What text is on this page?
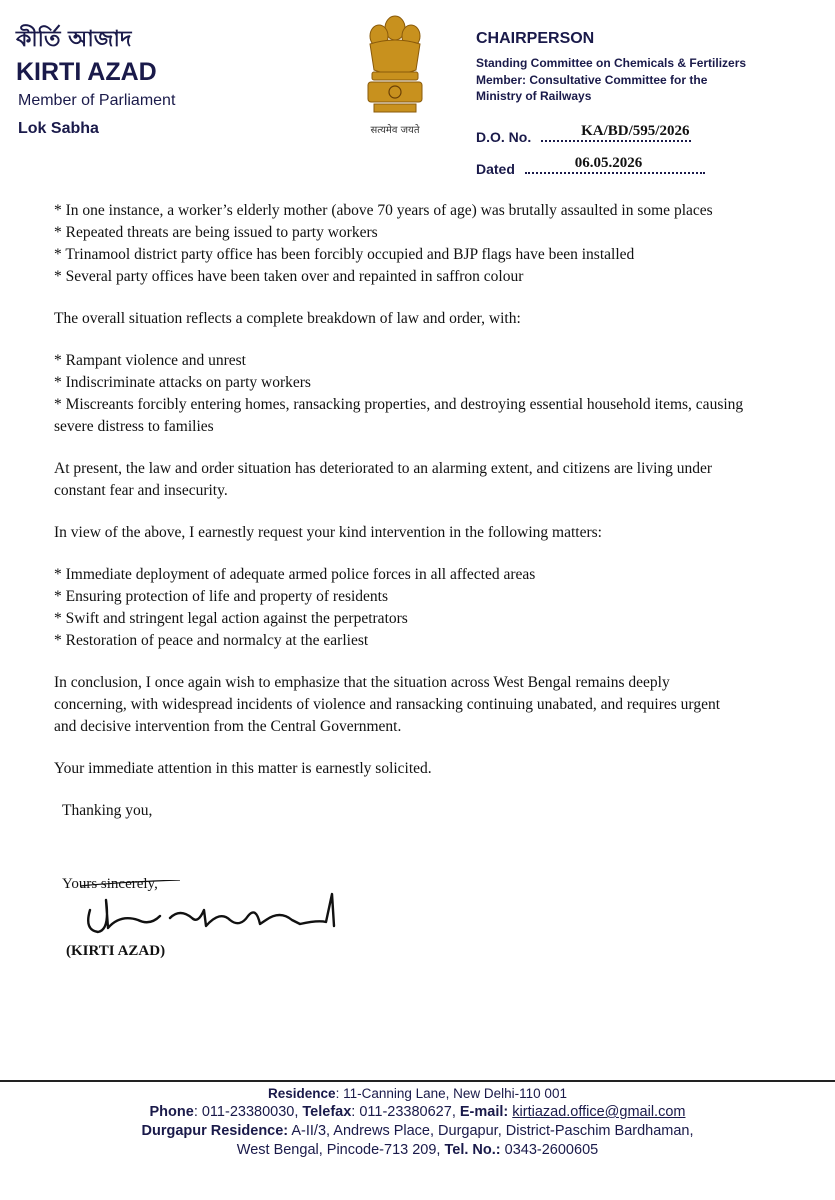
কীর্তি আজাদ
KIRTI AZAD
Member of Parliament
Lok Sabha	सत्यमेव जयते
CHAIRPERSON
Standing Committee on Chemicals & Fertilizers
Member: Consultative Committee for the
Ministry of Railways
D.O. No.	KA/BD/595/2026
Dated	06.05.2026

* In one instance, a worker’s elderly mother (above 70 years of age) was brutally assaulted in some places

* Repeated threats are being issued to party workers

* Trinamool district party office has been forcibly occupied and BJP flags have been installed

* Several party offices have been taken over and repainted in saffron colour

The overall situation reflects a complete breakdown of law and order, with:

* Rampant violence and unrest

* Indiscriminate attacks on party workers

* Miscreants forcibly entering homes, ransacking properties, and destroying essential household items, causing severe distress to families

At present, the law and order situation has deteriorated to an alarming extent, and citizens are living under constant fear and insecurity.

In view of the above, I earnestly request your kind intervention in the following matters:

* Immediate deployment of adequate armed police forces in all affected areas

* Ensuring protection of life and property of residents

* Swift and stringent legal action against the perpetrators

* Restoration of peace and normalcy at the earliest

In conclusion, I once again wish to emphasize that the situation across West Bengal remains deeply concerning, with widespread incidents of violence and ransacking continuing unabated, and requires urgent and decisive intervention from the Central Government.

Your immediate attention in this matter is earnestly solicited.

Thanking you,

Yours sincerely,
(KIRTI AZAD)
Residence: 11-Canning Lane, New Delhi-110 001
Phone: 011-23380030, Telefax: 011-23380627, E-mail: kirtiazad.office@gmail.com
Durgapur Residence: A-II/3, Andrews Place, Durgapur, District-Paschim Bardhaman,
West Bengal, Pincode-713 209, Tel. No.: 0343-2600605
